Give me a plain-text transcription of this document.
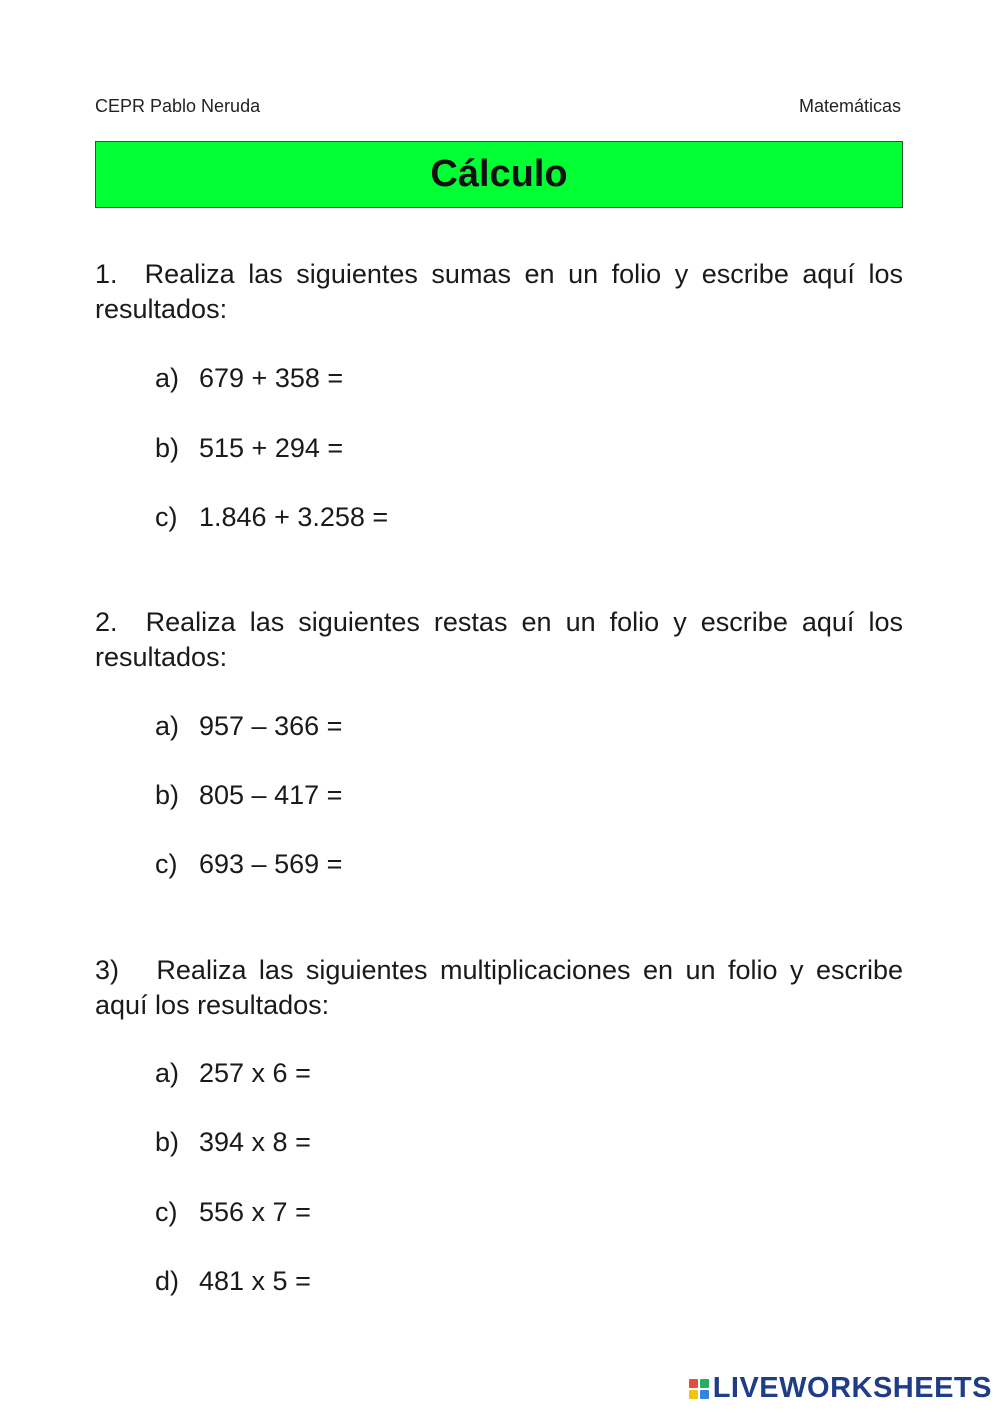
CEPR Pablo Neruda	Matemáticas
Cálculo
1. Realiza las siguientes sumas en un folio y escribe aquí los resultados:
a) 679 + 358 =
b) 515 + 294 =
c) 1.846 + 3.258 =
2. Realiza las siguientes restas en un folio y escribe aquí los resultados:
a) 957 – 366 =
b) 805 – 417 =
c) 693 – 569 =
3) Realiza las siguientes multiplicaciones en un folio y escribe aquí los resultados:
a) 257 x 6 =
b) 394 x 8 =
c) 556 x 7 =
d) 481 x 5 =
LIVEWORKSHEETS
